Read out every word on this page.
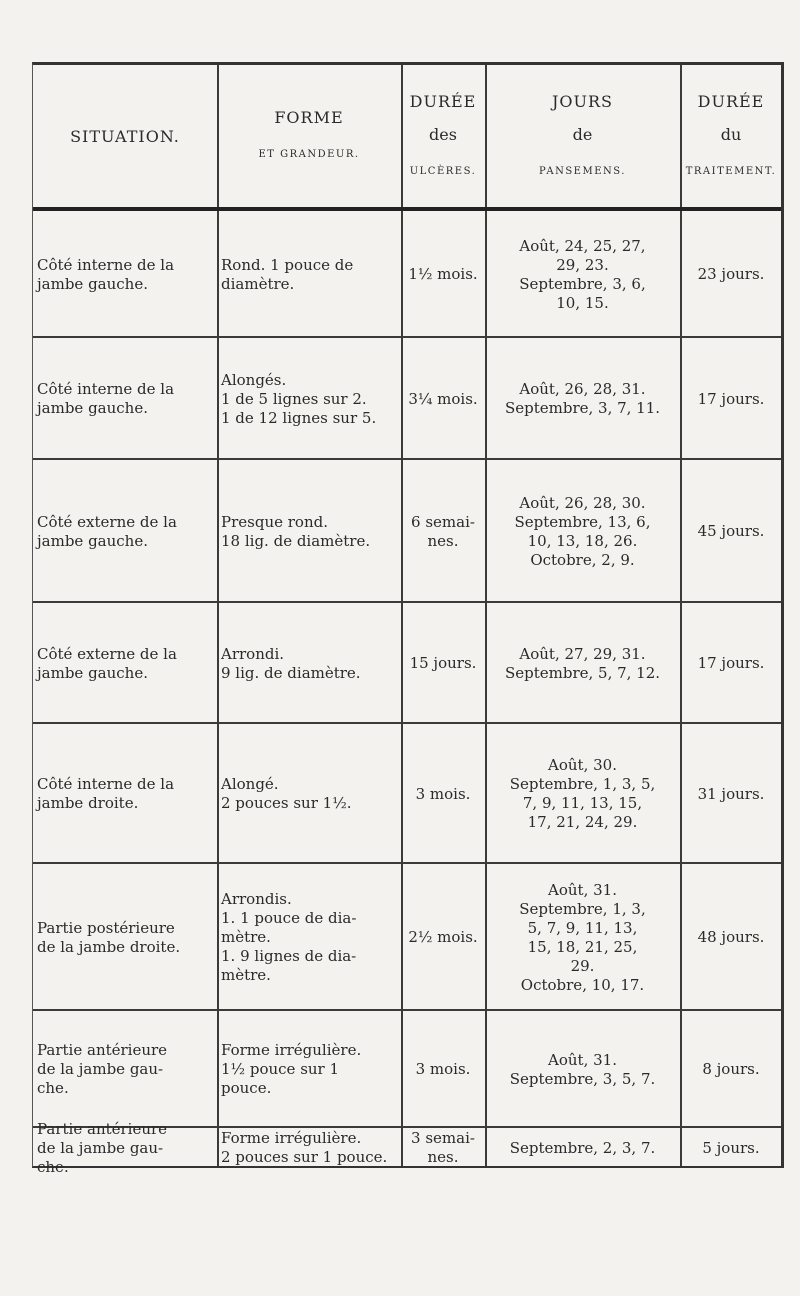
SITUATION.
FORME
ET GRANDEUR.
DURÉE
des
ULCÈRES.
JOURS
de
PANSEMENS.
DURÉE
du
TRAITEMENT.
Côté interne de la
jambe gauche.
Rond. 1 pouce de
diamètre.
1½ mois.
Août, 24, 25, 27,
29, 23.
Septembre, 3, 6,
10, 15.
23 jours.
Côté interne de la
jambe gauche.
Alongés.
1 de 5 lignes sur 2.
1 de 12 lignes sur 5.
3¼ mois.
Août, 26, 28, 31.
Septembre, 3, 7, 11.
17 jours.
Côté externe de la
jambe gauche.
Presque rond.
18 lig. de diamètre.
6 semai-
nes.
Août, 26, 28, 30.
Septembre, 13, 6,
10, 13, 18, 26.
Octobre, 2, 9.
45 jours.
Côté externe de la
jambe gauche.
Arrondi.
9 lig. de diamètre.
15 jours.
Août, 27, 29, 31.
Septembre, 5, 7, 12.
17 jours.
Côté interne de la
jambe droite.
Alongé.
2 pouces sur 1½.
3 mois.
Août, 30.
Septembre, 1, 3, 5,
7, 9, 11, 13, 15,
17, 21, 24, 29.
31 jours.
Partie postérieure
de la jambe droite.
Arrondis.
1. 1 pouce de dia-
mètre.
1. 9 lignes de dia-
mètre.
2½ mois.
Août, 31.
Septembre, 1, 3,
5, 7, 9, 11, 13,
15, 18, 21, 25,
29.
Octobre, 10, 17.
48 jours.
Partie antérieure
de la jambe gau-
che.
Forme irrégulière.
1½ pouce sur 1
pouce.
3 mois.
Août, 31.
Septembre, 3, 5, 7.
8 jours.
Partie antérieure
de la jambe gau-
che.
Forme irrégulière.
2 pouces sur 1 pouce.
3 semai-
nes.
Septembre, 2, 3, 7.	5 jours.
